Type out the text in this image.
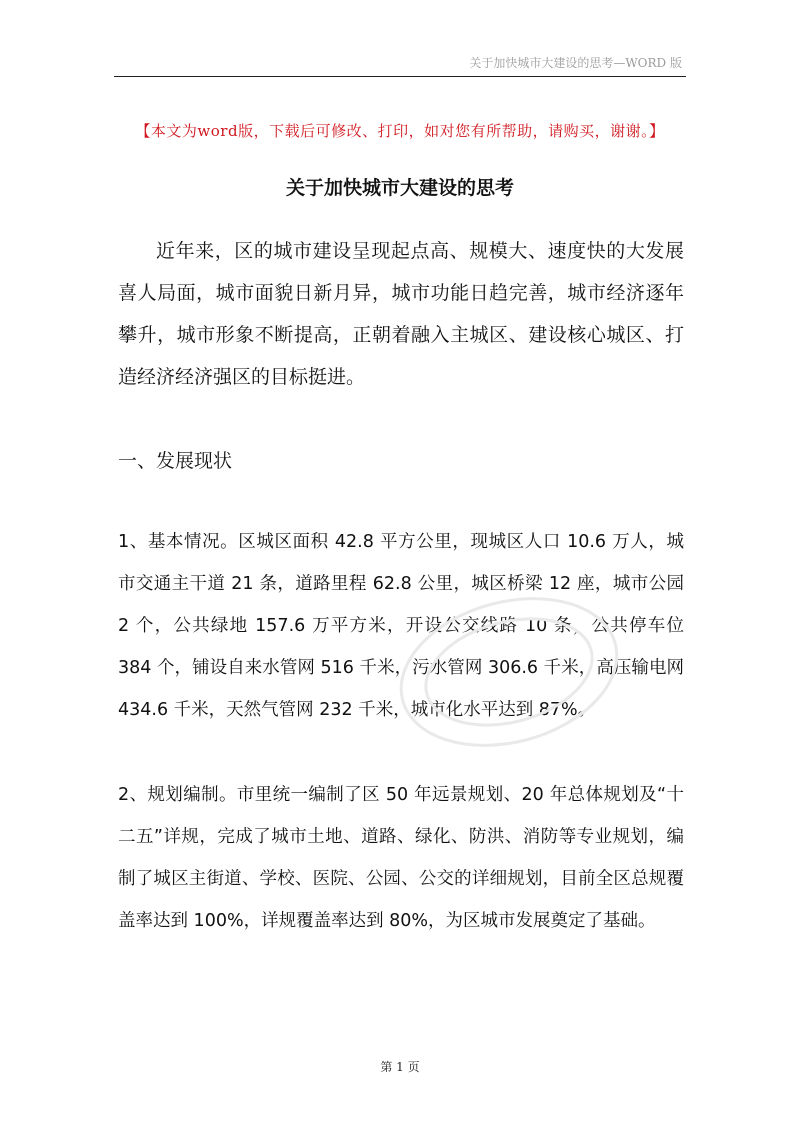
关于加快城市大建设的思考—WORD 版
【本文为word版，下载后可修改、打印，如对您有所帮助，请购买，谢谢。】
关于加快城市大建设的思考

近年来，区的城市建设呈现起点高、规模大、速度快的大发展喜人局面，城市面貌日新月异，城市功能日趋完善，城市经济逐年攀升，城市形象不断提高，正朝着融入主城区、建设核心城区、打造经济经济强区的目标挺进。

一、发展现状

1、基本情况。区城区面积 42.8 平方公里，现城区人口 10.6 万人，城市交通主干道 21 条，道路里程 62.8 公里，城区桥梁 12 座，城市公园 2 个，公共绿地 157.6 万平方米，开设公交线路 10 条，公共停车位 384 个，铺设自来水管网 516 千米，污水管网 306.6 千米，高压输电网 434.6 千米，天然气管网 232 千米，城市化水平达到 87%。

2、规划编制。市里统一编制了区 50 年远景规划、20 年总体规划及“十二五”详规，完成了城市土地、道路、绿化、防洪、消防等专业规划，编制了城区主街道、学校、医院、公园、公交的详细规划，目前全区总规覆盖率达到 100%，详规覆盖率达到 80%，为区城市发展奠定了基础。

第 1 页
